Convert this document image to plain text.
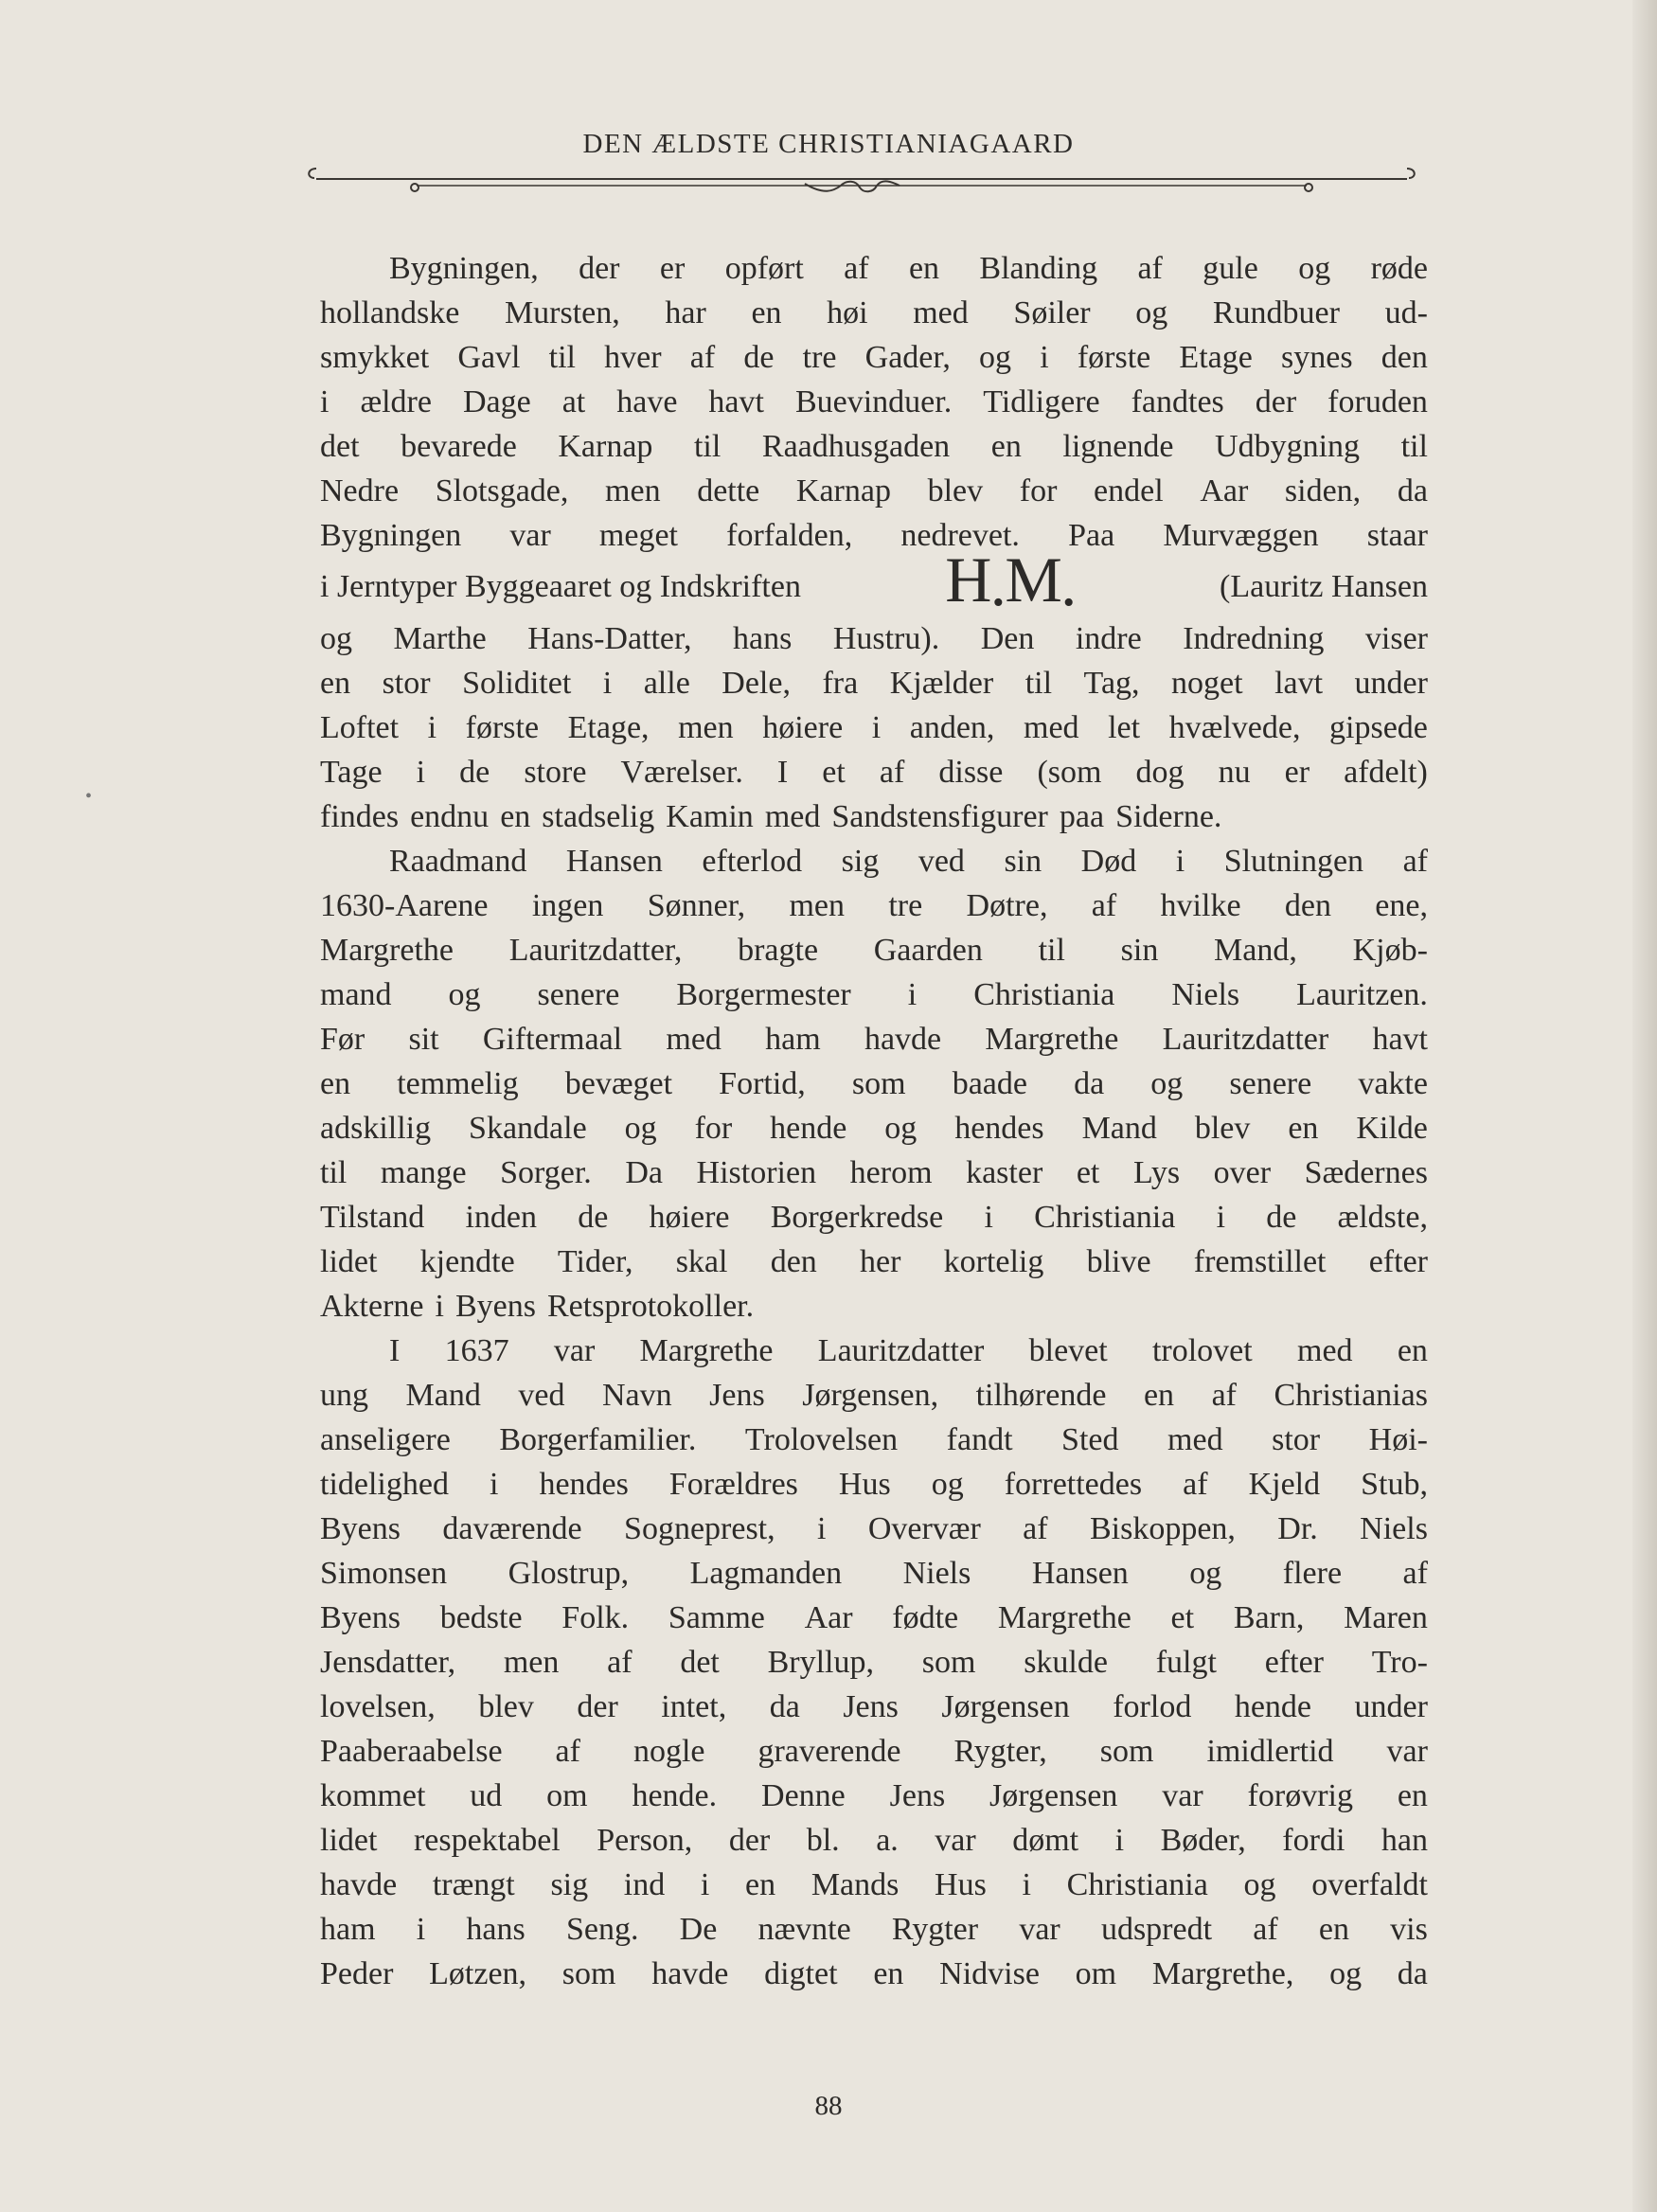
DEN ÆLDSTE CHRISTIANIAGAARD
Bygningen, der er opført af en Blanding af gule og røde
hollandske Mursten, har en høi med Søiler og Rundbuer ud-
smykket Gavl til hver af de tre Gader, og i første Etage synes den
i ældre Dage at have havt Buevinduer. Tidligere fandtes der foruden
det bevarede Karnap til Raadhusgaden en lignende Udbygning til
Nedre Slotsgade, men dette Karnap blev for endel Aar siden, da
Bygningen var meget forfalden, nedrevet. Paa Murvæggen staar
i Jerntyper Byggeaaret og Indskriften H•M•	(Lauritz Hansen
og Marthe Hans-Datter, hans Hustru). Den indre Indredning viser
en stor Soliditet i alle Dele, fra Kjælder til Tag, noget lavt under
Loftet i første Etage, men høiere i anden, med let hvælvede, gipsede
Tage i de store Værelser. I et af disse (som dog nu er afdelt)
findes endnu en stadselig Kamin med Sandstensfigurer paa Siderne.
Raadmand Hansen efterlod sig ved sin Død i Slutningen af
1630-Aarene ingen Sønner, men tre Døtre, af hvilke den ene,
Margrethe Lauritzdatter, bragte Gaarden til sin Mand, Kjøb-
mand og senere Borgermester i Christiania Niels Lauritzen.
Før sit Giftermaal med ham havde Margrethe Lauritzdatter havt
en temmelig bevæget Fortid, som baade da og senere vakte
adskillig Skandale og for hende og hendes Mand blev en Kilde
til mange Sorger. Da Historien herom kaster et Lys over Sædernes
Tilstand inden de høiere Borgerkredse i Christiania i de ældste,
lidet kjendte Tider, skal den her kortelig blive fremstillet efter
Akterne i Byens Retsprotokoller.
I 1637 var Margrethe Lauritzdatter blevet trolovet med en
ung Mand ved Navn Jens Jørgensen, tilhørende en af Christianias
anseligere Borgerfamilier. Trolovelsen fandt Sted med stor Høi-
tidelighed i hendes Forældres Hus og forrettedes af Kjeld Stub,
Byens daværende Sogneprest, i Overvær af Biskoppen, Dr. Niels
Simonsen Glostrup, Lagmanden Niels Hansen og flere af
Byens bedste Folk. Samme Aar fødte Margrethe et Barn, Maren
Jensdatter, men af det Bryllup, som skulde fulgt efter Tro-
lovelsen, blev der intet, da Jens Jørgensen forlod hende under
Paaberaabelse af nogle graverende Rygter, som imidlertid var
kommet ud om hende. Denne Jens Jørgensen var forøvrig en
lidet respektabel Person, der bl. a. var dømt i Bøder, fordi han
havde trængt sig ind i en Mands Hus i Christiania og overfaldt
ham i hans Seng. De nævnte Rygter var udspredt af en vis
Peder Løtzen, som havde digtet en Nidvise om Margrethe, og da
88
•
